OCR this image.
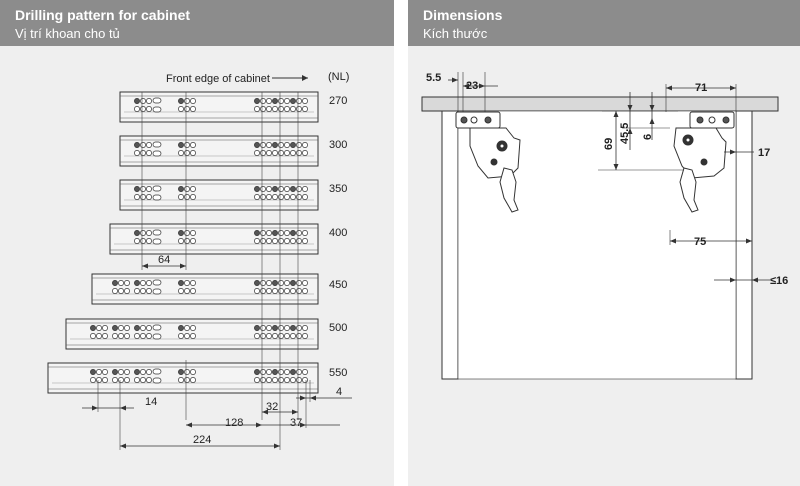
Drilling pattern for cabinet
Vị trí khoan cho tủ
Front edge of cabinet	(NL)
270
300
350
400
450
500
550
64
14
4
32
128	37
224
Dimensions
Kích thước
5.5
23	71
69 45.5 6
17
75
≤16
